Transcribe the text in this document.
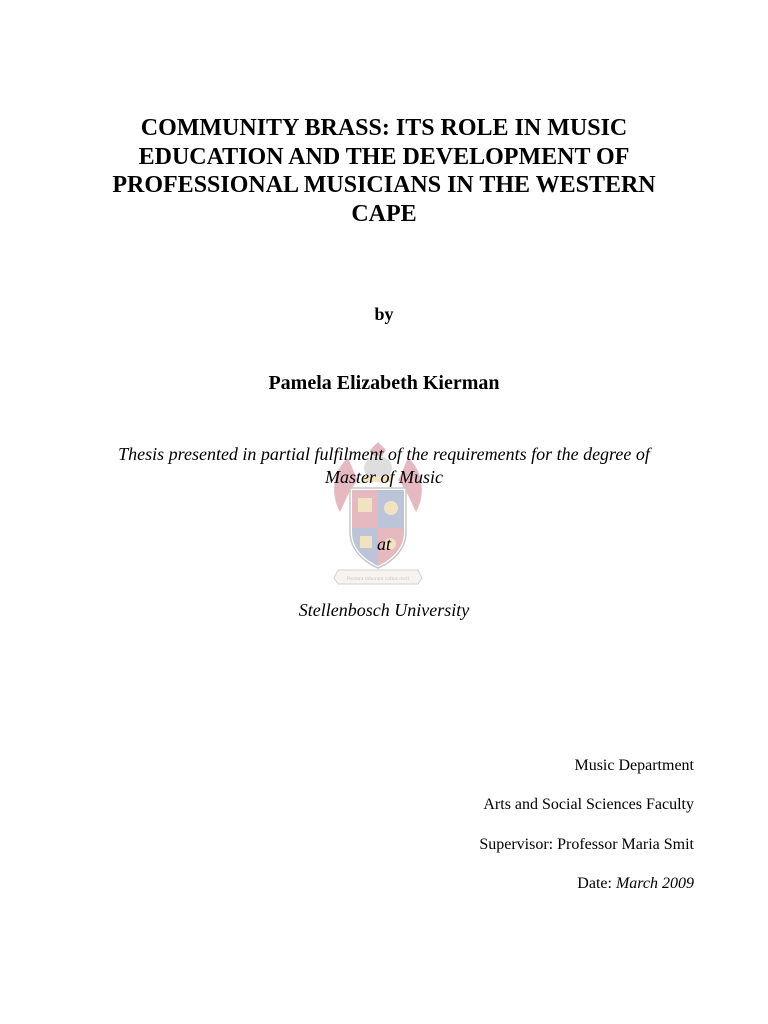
COMMUNITY BRASS: ITS ROLE IN MUSIC
EDUCATION AND THE DEVELOPMENT OF
PROFESSIONAL MUSICIANS IN THE WESTERN
CAPE
by
Pamela Elizabeth Kierman
Pectora roborant cultus recti
Thesis presented in partial fulfilment of the requirements for the degree of
Master of Music
at
Stellenbosch University
Music Department
Arts and Social Sciences Faculty
Supervisor: Professor Maria Smit
Date: March 2009
